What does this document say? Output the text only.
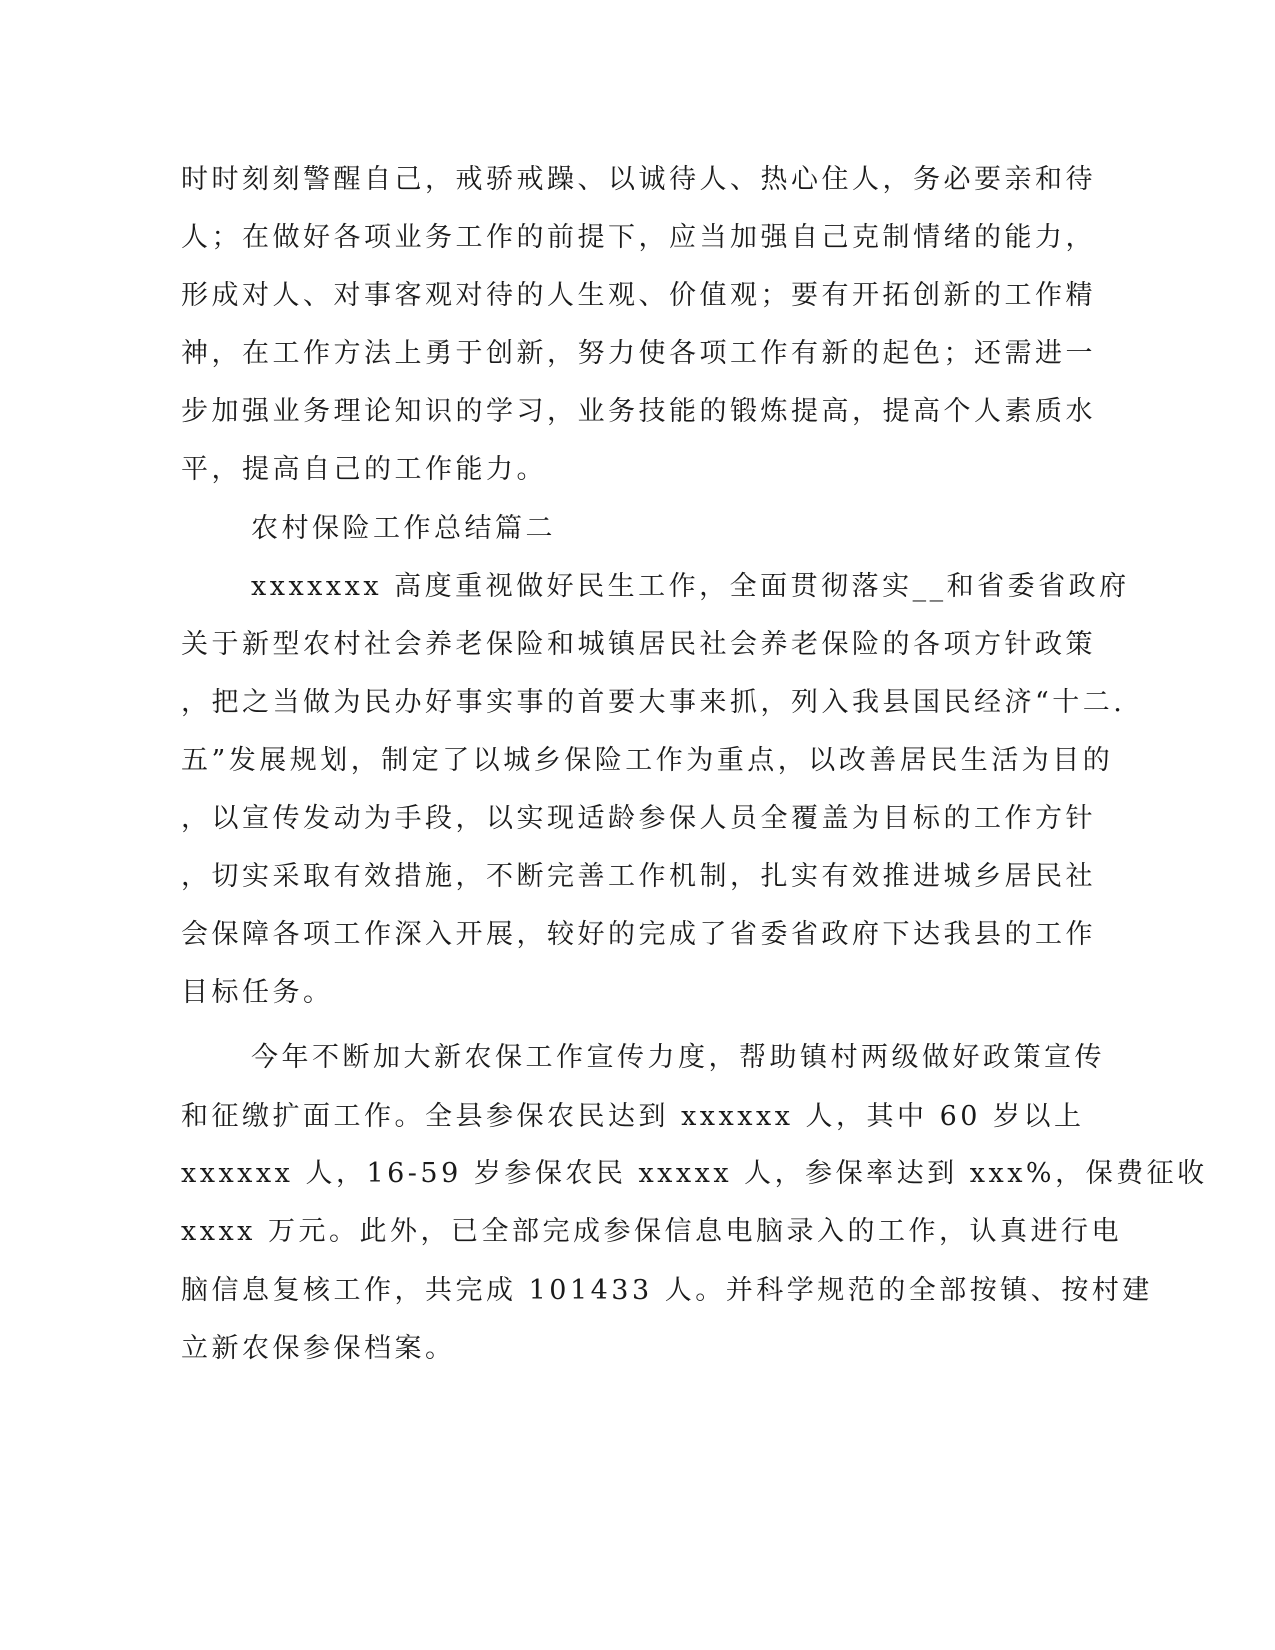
时时刻刻警醒自己，戒骄戒躁、以诚待人、热心住人，务必要亲和待
人；在做好各项业务工作的前提下，应当加强自己克制情绪的能力，
形成对人、对事客观对待的人生观、价值观；要有开拓创新的工作精
神，在工作方法上勇于创新，努力使各项工作有新的起色；还需进一
步加强业务理论知识的学习，业务技能的锻炼提高，提高个人素质水
平，提高自己的工作能力。
农村保险工作总结篇二
xxxxxxx 高度重视做好民生工作，全面贯彻落实__和省委省政府
关于新型农村社会养老保险和城镇居民社会养老保险的各项方针政策
，把之当做为民办好事实事的首要大事来抓，列入我县国民经济“十二.
五”发展规划，制定了以城乡保险工作为重点，以改善居民生活为目的
，以宣传发动为手段，以实现适龄参保人员全覆盖为目标的工作方针
，切实采取有效措施，不断完善工作机制，扎实有效推进城乡居民社
会保障各项工作深入开展，较好的完成了省委省政府下达我县的工作
目标任务。
今年不断加大新农保工作宣传力度，帮助镇村两级做好政策宣传
和征缴扩面工作。全县参保农民达到 xxxxxx 人，其中 60 岁以上
xxxxxx 人，16-59 岁参保农民 xxxxx 人，参保率达到 xxx%，保费征收
xxxx 万元。此外，已全部完成参保信息电脑录入的工作，认真进行电
脑信息复核工作，共完成 101433 人。并科学规范的全部按镇、按村建
立新农保参保档案。
